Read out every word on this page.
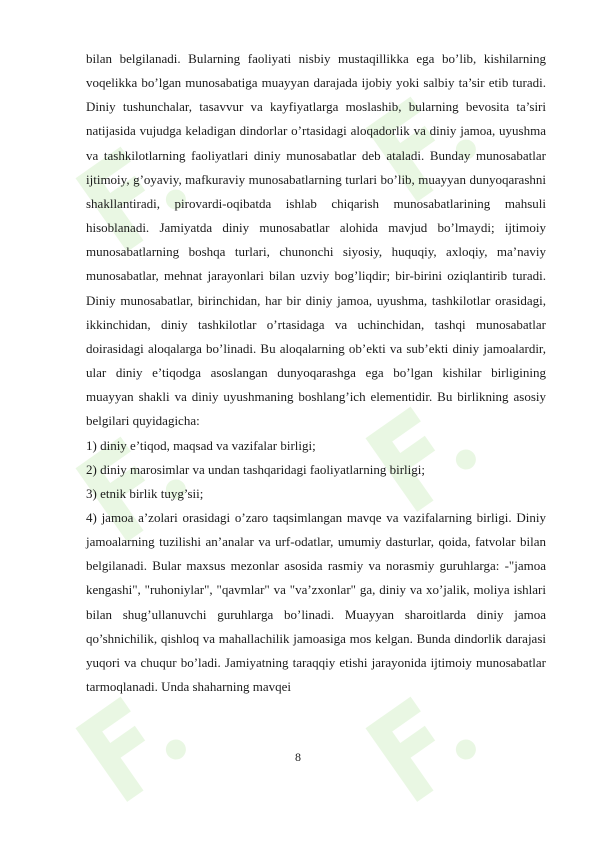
bilan belgilanadi. Bularning faoliyati nisbiy mustaqillikka ega bo’lib, kishilarning voqelikka bo’lgan munosabatiga muayyan darajada ijobiy yoki salbiy ta’sir etib turadi. Diniy tushunchalar, tasavvur va kayfiyatlarga moslashib, bularning bevosita ta’siri natijasida vujudga keladigan dindorlar o’rtasidagi aloqadorlik va diniy jamoa, uyushma va tashkilotlarning faoliyatlari diniy munosabatlar deb ataladi. Bunday munosabatlar ijtimoiy, g’oyaviy, mafkuraviy munosabatlarning turlari bo’lib, muayyan dunyoqarashni shakllantiradi, pirovardi-oqibatda ishlab chiqarish munosabatlarining mahsuli hisoblanadi. Jamiyatda diniy munosabatlar alohida mavjud bo’lmaydi; ijtimoiy munosabatlarning boshqa turlari, chunonchi siyosiy, huquqiy, axloqiy, ma’naviy munosabatlar, mehnat jarayonlari bilan uzviy bog’liqdir; bir-birini oziqlantirib turadi. Diniy munosabatlar, birinchidan, har bir diniy jamoa, uyushma, tashkilotlar orasidagi, ikkinchidan, diniy tashkilotlar o’rtasidaga va uchinchidan, tashqi munosabatlar doirasidagi aloqalarga bo’linadi. Bu aloqalarning ob’ekti va sub’ekti diniy jamoalardir, ular diniy e’tiqodga asoslangan dunyoqarashga ega bo’lgan kishilar birligining muayyan shakli va diniy uyushmaning boshlang’ich elementidir. Bu birlikning asosiy belgilari quyidagicha:

1) diniy e’tiqod, maqsad va vazifalar birligi;

2) diniy marosimlar va undan tashqaridagi faoliyatlarning birligi;

3) etnik birlik tuyg’sii;

4) jamoa a’zolari orasidagi o’zaro taqsimlangan mavqe va vazifalarning birligi. Diniy jamoalarning tuzilishi an’analar va urf-odatlar, umumiy dasturlar, qoida, fatvolar bilan belgilanadi. Bular maxsus mezonlar asosida rasmiy va norasmiy guruhlarga: -"jamoa kengashi", "ruhoniylar", "qavmlar" va "va’zxonlar" ga, diniy va xo’jalik, moliya ishlari bilan shug’ullanuvchi guruhlarga bo’linadi. Muayyan sharoitlarda diniy jamoa qo’shnichilik, qishloq va mahallachilik jamoasiga mos kelgan. Bunda dindorlik darajasi yuqori va chuqur bo’ladi. Jamiyatning taraqqiy etishi jarayonida ijtimoiy munosabatlar tarmoqlanadi. Unda shaharning mavqei

8
